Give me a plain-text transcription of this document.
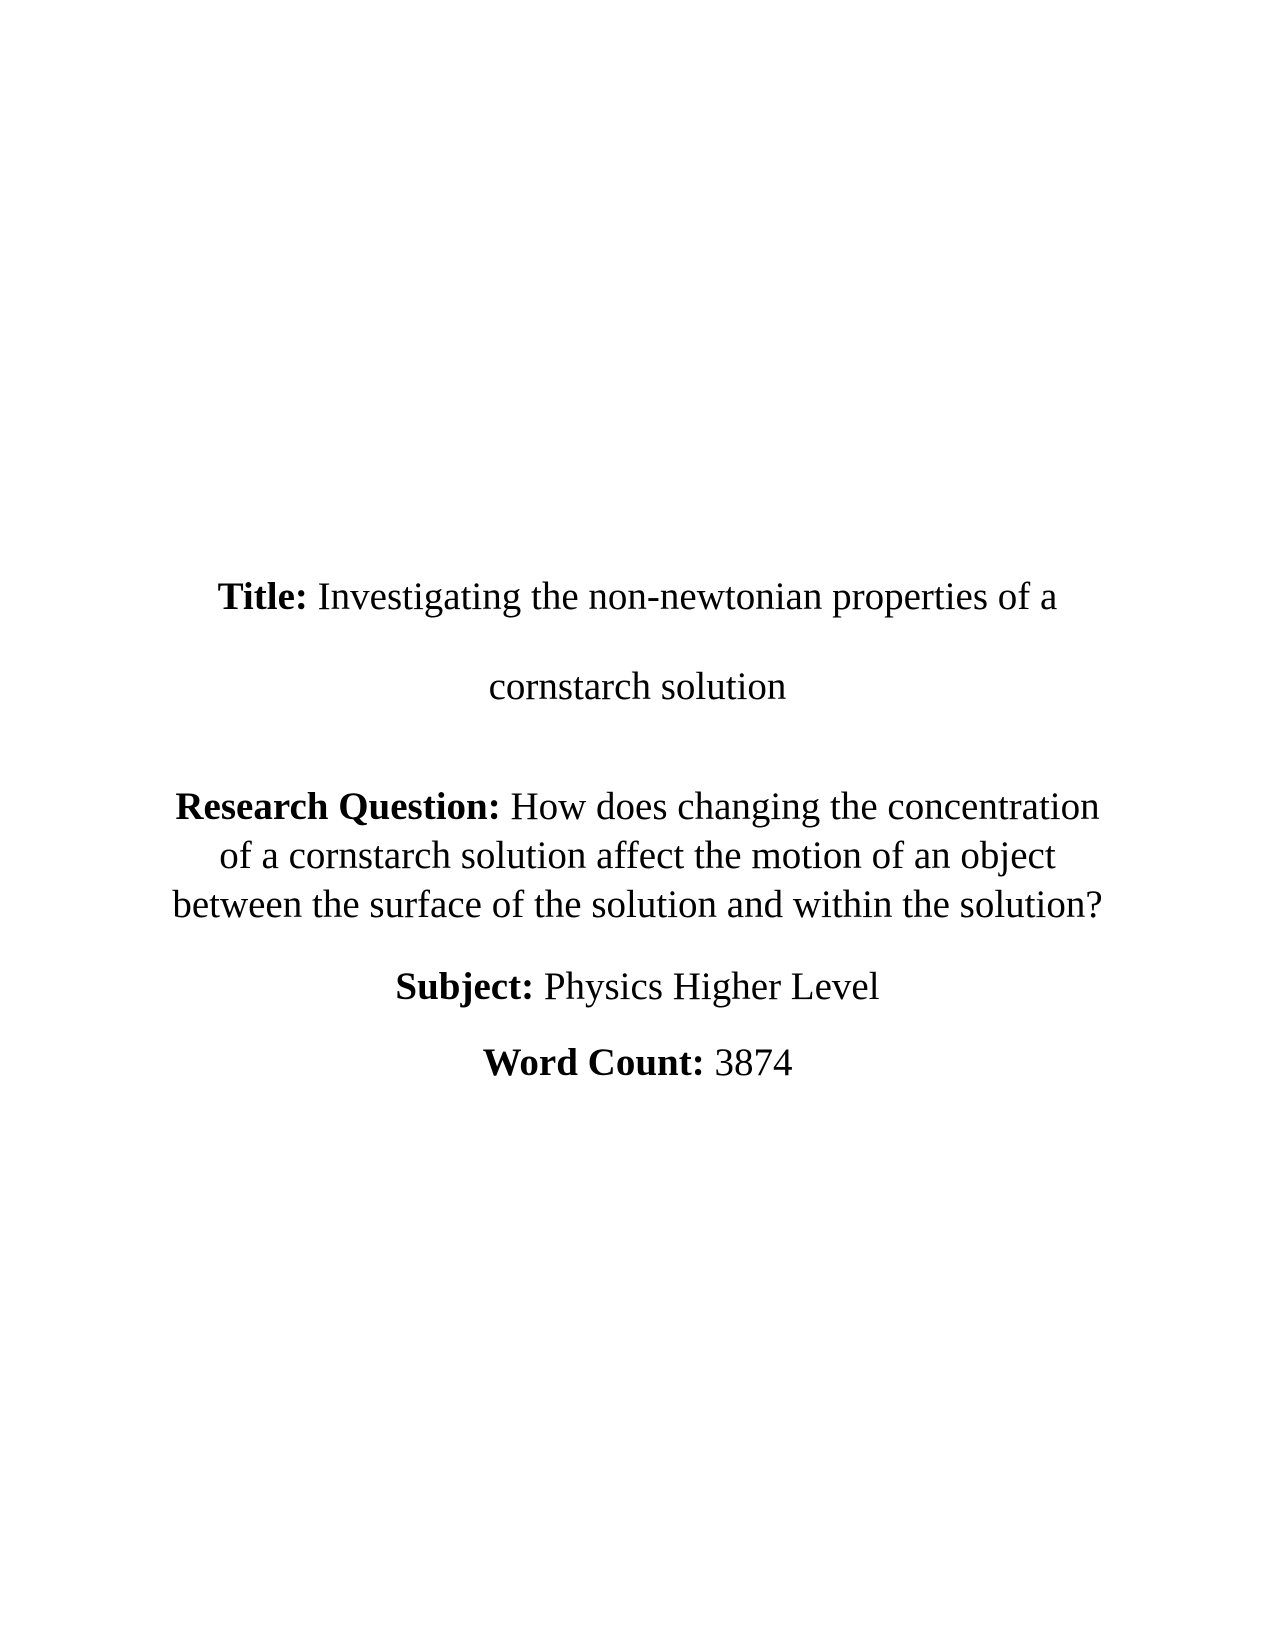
Title: Investigating the non-newtonian properties of a
cornstarch solution

Research Question: How does changing the concentration
of a cornstarch solution affect the motion of an object
between the surface of the solution and within the solution?

Subject: Physics Higher Level

Word Count: 3874
